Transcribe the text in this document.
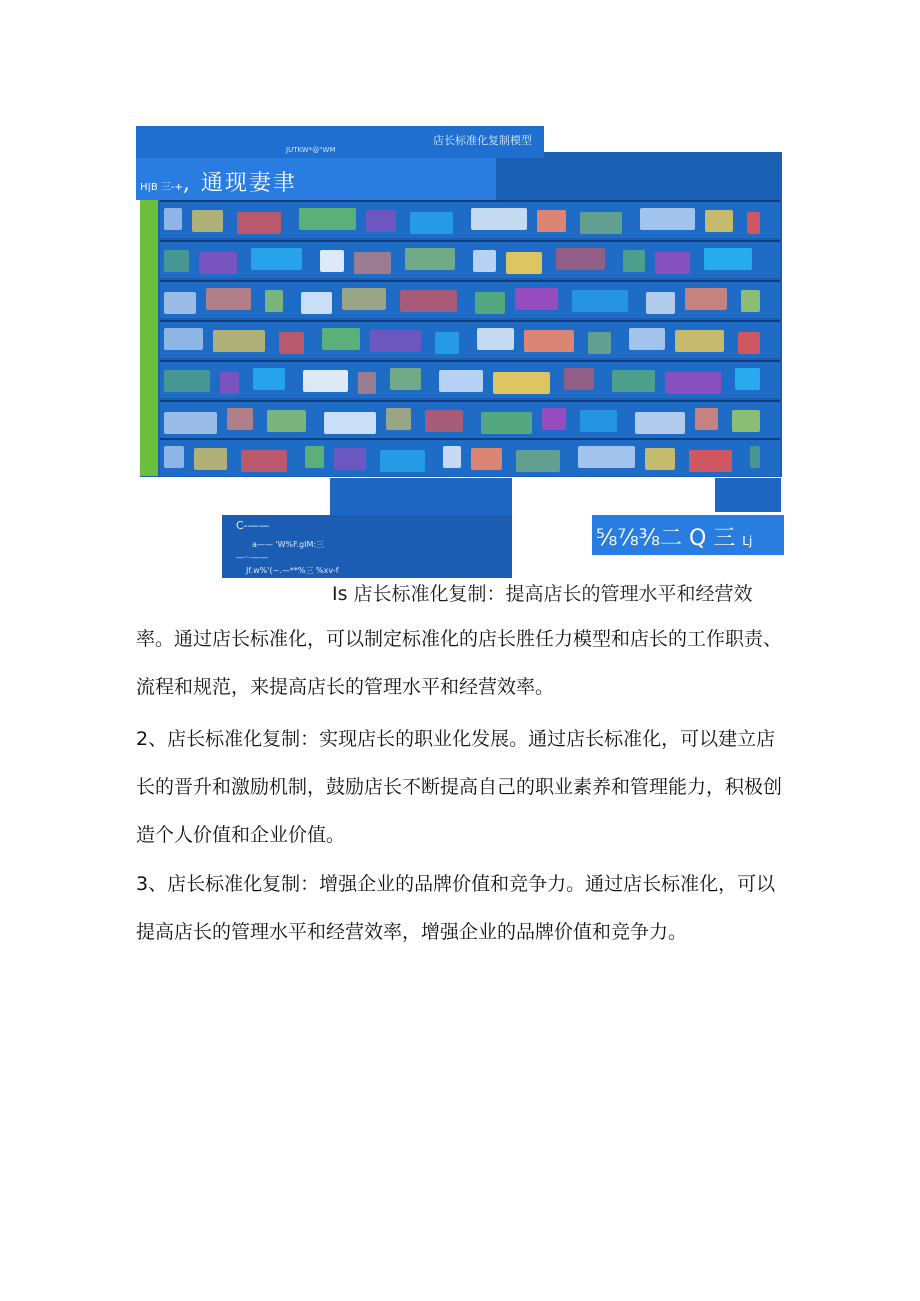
店长标准化复制模型
H|B 三-+, 通现妻聿
JUTKW*@"WM
C-——
a—— 'W%F.gIM:三
—··-——
Jf.w%'(~.—**%三 %xv-f
⅝⅞⅜二 Q 三 Lj
Is 店长标准化复制：提高店长的管理水平和经营效
率。通过店长标准化，可以制定标准化的店长胜任力模型和店长的工作职责、流程和规范，来提高店长的管理水平和经营效率。
2、店长标准化复制：实现店长的职业化发展。通过店长标准化，可以建立店长的晋升和激励机制，鼓励店长不断提高自己的职业素养和管理能力，积极创造个人价值和企业价值。
3、店长标准化复制：增强企业的品牌价值和竞争力。通过店长标准化，可以提高店长的管理水平和经营效率，增强企业的品牌价值和竞争力。
